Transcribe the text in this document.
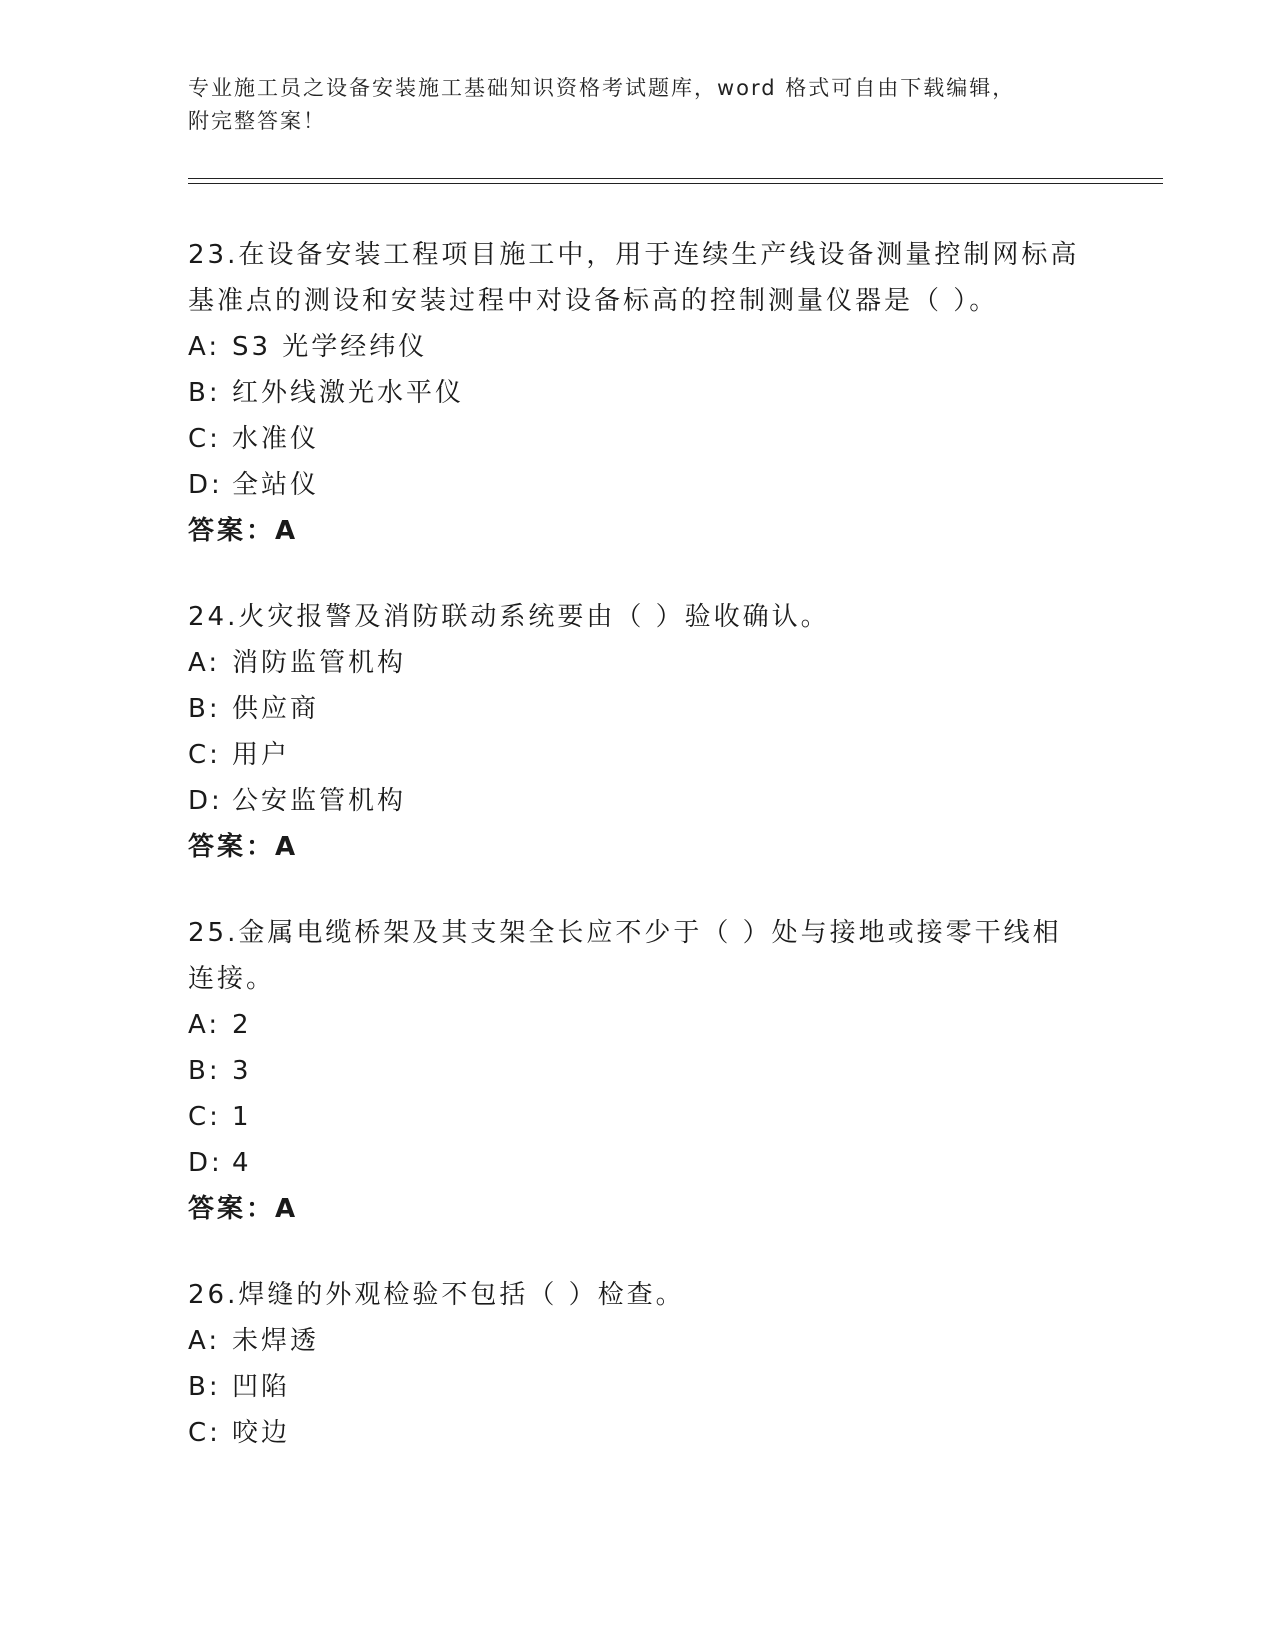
专业施工员之设备安装施工基础知识资格考试题库，word 格式可自由下载编辑，
附完整答案！
23.在设备安装工程项目施工中，用于连续生产线设备测量控制网标高
基准点的测设和安装过程中对设备标高的控制测量仪器是（ ）。
A: S3 光学经纬仪
B: 红外线激光水平仪
C: 水准仪
D: 全站仪
答案：A
24.火灾报警及消防联动系统要由（ ）验收确认。
A: 消防监管机构
B: 供应商
C: 用户
D: 公安监管机构
答案：A
25.金属电缆桥架及其支架全长应不少于（ ）处与接地或接零干线相
连接。
A: 2
B: 3
C: 1
D: 4
答案：A
26.焊缝的外观检验不包括（ ）检查。
A: 未焊透
B: 凹陷
C: 咬边
